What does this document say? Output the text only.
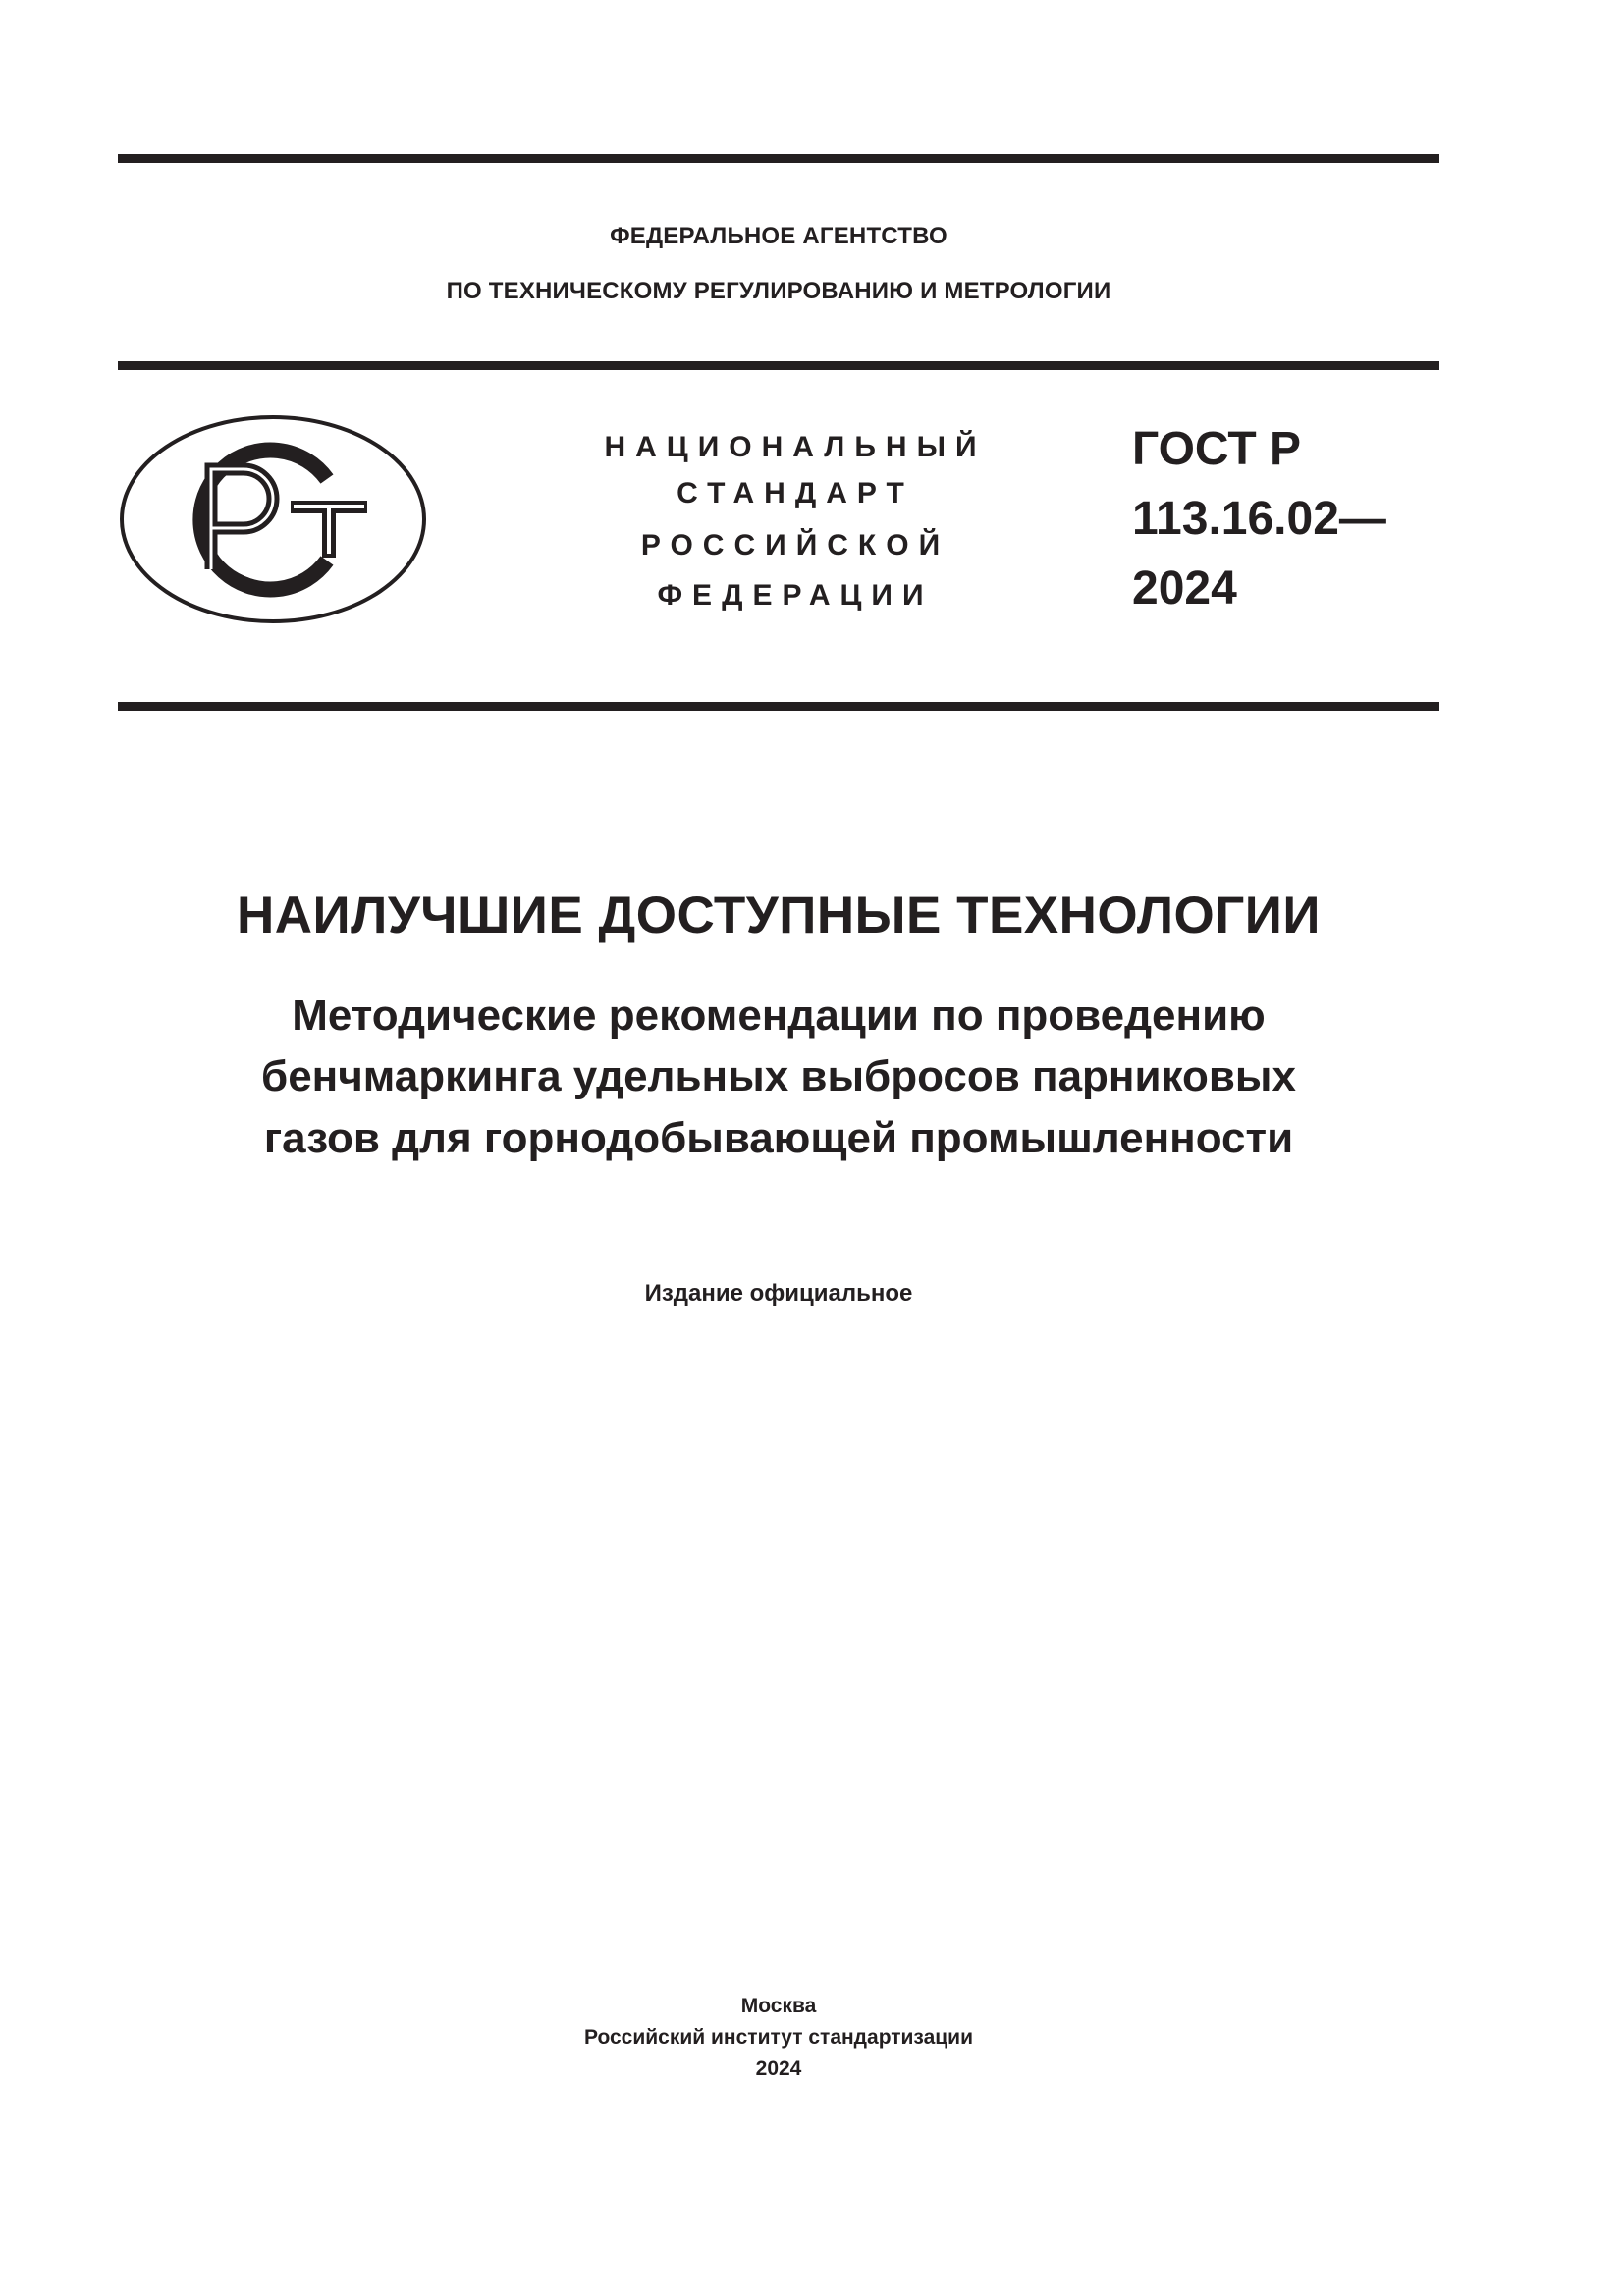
ФЕДЕРАЛЬНОЕ АГЕНТСТВО
ПО ТЕХНИЧЕСКОМУ РЕГУЛИРОВАНИЮ И МЕТРОЛОГИИ
НАЦИОНАЛЬНЫЙ
СТАНДАРТ
РОССИЙСКОЙ
ФЕДЕРАЦИИ
ГОСТ Р
113.16.02—
2024
НАИЛУЧШИЕ ДОСТУПНЫЕ ТЕХНОЛОГИИ
Методические рекомендации по проведению
бенчмаркинга удельных выбросов парниковых
газов для горнодобывающей промышленности
Издание официальное
Москва
Российский институт стандартизации
2024
